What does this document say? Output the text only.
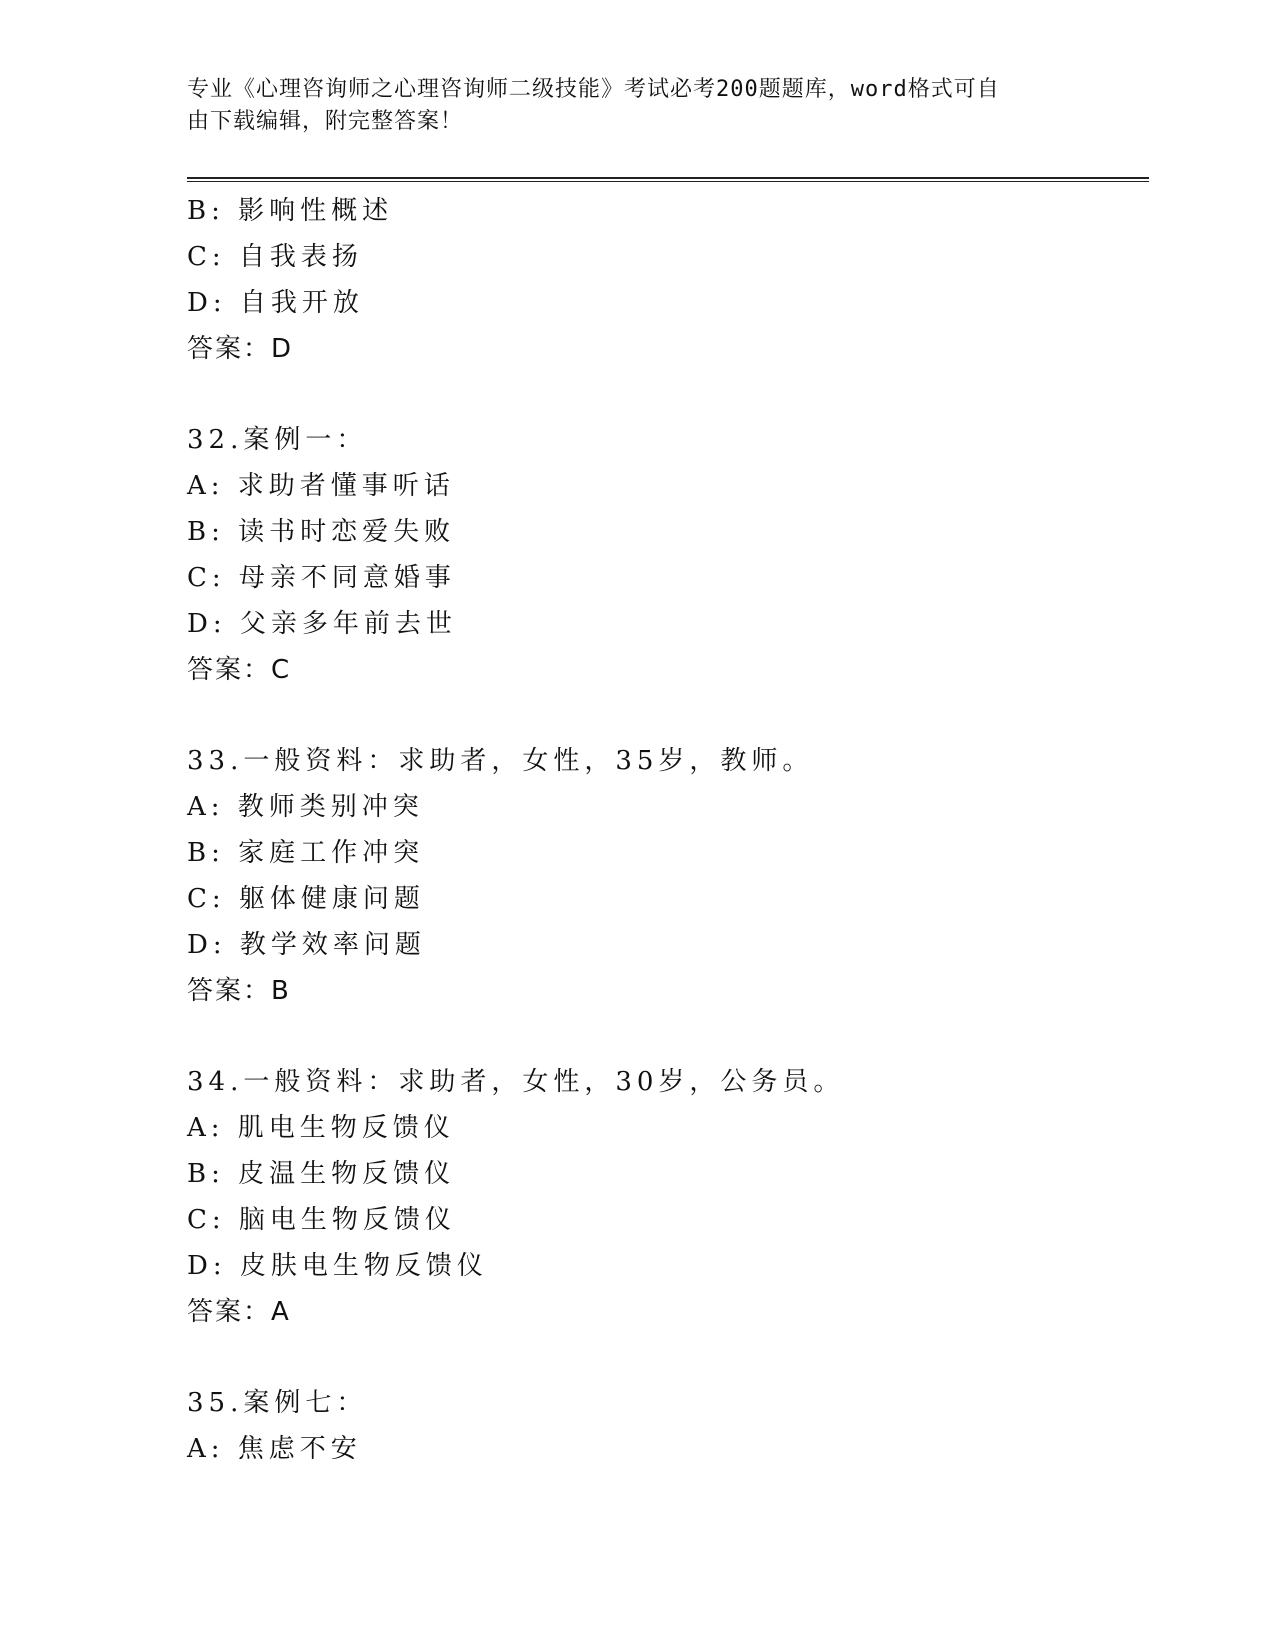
专业《心理咨询师之心理咨询师二级技能》考试必考200题题库，word格式可自
由下载编辑，附完整答案！
B: 影响性概述
C: 自我表扬
D: 自我开放
答案：D
32.案例一：
A: 求助者懂事听话
B: 读书时恋爱失败
C: 母亲不同意婚事
D: 父亲多年前去世
答案：C
33.一般资料：求助者，女性，35岁，教师。
A: 教师类别冲突
B: 家庭工作冲突
C: 躯体健康问题
D: 教学效率问题
答案：B
34.一般资料：求助者，女性，30岁，公务员。
A: 肌电生物反馈仪
B: 皮温生物反馈仪
C: 脑电生物反馈仪
D: 皮肤电生物反馈仪
答案：A
35.案例七：
A: 焦虑不安
